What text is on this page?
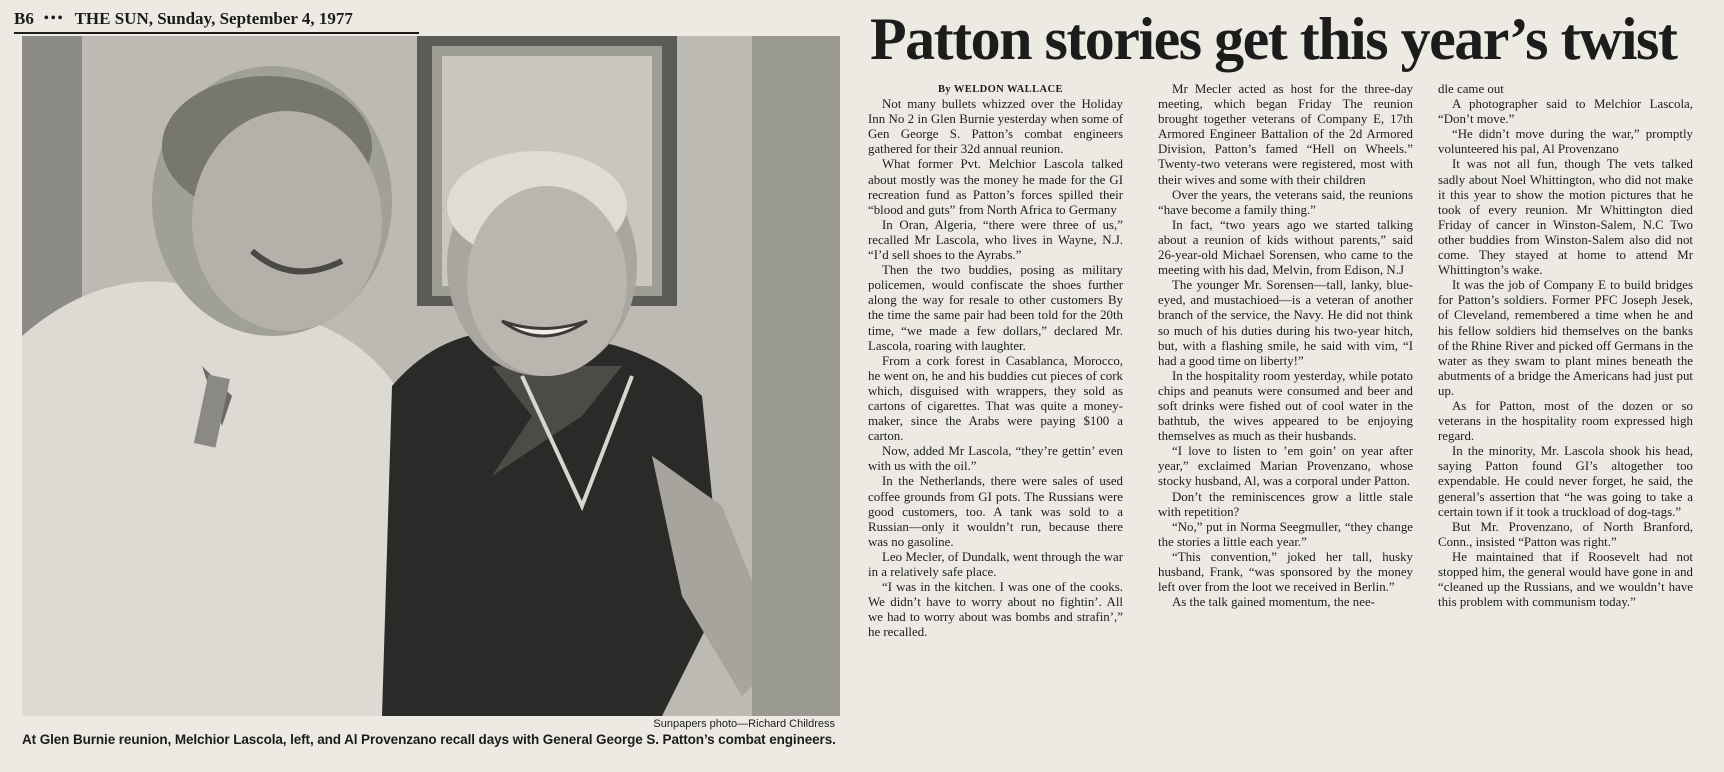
B6 ••• THE SUN, Sunday, September 4, 1977
Sunpapers photo—Richard Childress
At Glen Burnie reunion, Melchior Lascola, left, and Al Provenzano recall days with General George S. Patton’s combat engineers.
Patton stories get this year’s twist

By WELDON WALLACE

Not many bullets whizzed over the Holiday Inn No 2 in Glen Burnie yesterday when some of Gen George S. Patton’s combat engineers gathered for their 32d annual reunion.

What former Pvt. Melchior Lascola talked about mostly was the money he made for the GI recreation fund as Patton’s forces spilled their “blood and guts” from North Africa to Germany

In Oran, Algeria, “there were three of us,” recalled Mr Lascola, who lives in Wayne, N.J. “I’d sell shoes to the Ayrabs.”

Then the two buddies, posing as military policemen, would confiscate the shoes further along the way for resale to other customers By the time the same pair had been told for the 20th time, “we made a few dollars,” declared Mr. Lascola, roaring with laughter.

From a cork forest in Casablanca, Morocco, he went on, he and his buddies cut pieces of cork which, disguised with wrappers, they sold as cartons of cigarettes. That was quite a money-maker, since the Arabs were paying $100 a carton.

Now, added Mr Lascola, “they’re gettin’ even with us with the oil.”

In the Netherlands, there were sales of used coffee grounds from GI pots. The Russians were good customers, too. A tank was sold to a Russian—only it wouldn’t run, because there was no gasoline.

Leo Mecler, of Dundalk, went through the war in a relatively safe place.

“I was in the kitchen. I was one of the cooks. We didn’t have to worry about no fightin’. All we had to worry about was bombs and strafin’,” he recalled.

Mr Mecler acted as host for the three-day meeting, which began Friday The reunion brought together veterans of Company E, 17th Armored Engineer Battalion of the 2d Armored Division, Patton’s famed “Hell on Wheels.” Twenty-two veterans were registered, most with their wives and some with their children

Over the years, the veterans said, the reunions “have become a family thing.”

In fact, “two years ago we started talking about a reunion of kids without parents,” said 26-year-old Michael Sorensen, who came to the meeting with his dad, Melvin, from Edison, N.J

The younger Mr. Sorensen—tall, lanky, blue-eyed, and mustachioed—is a veteran of another branch of the service, the Navy. He did not think so much of his duties during his two-year hitch, but, with a flashing smile, he said with vim, “I had a good time on liberty!”

In the hospitality room yesterday, while potato chips and peanuts were consumed and beer and soft drinks were fished out of cool water in the bathtub, the wives appeared to be enjoying themselves as much as their husbands.

“I love to listen to ’em goin’ on year after year,” exclaimed Marian Provenzano, whose stocky husband, Al, was a corporal under Patton.

Don’t the reminiscences grow a little stale with repetition?

“No,” put in Norma Seegmuller, “they change the stories a little each year.”

“This convention,” joked her tall, husky husband, Frank, “was sponsored by the money left over from the loot we received in Berlin.”

As the talk gained momentum, the nee-

dle came out

A photographer said to Melchior Lascola, “Don’t move.”

“He didn’t move during the war,” promptly volunteered his pal, Al Provenzano

It was not all fun, though The vets talked sadly about Noel Whittington, who did not make it this year to show the motion pictures that he took of every reunion. Mr Whittington died Friday of cancer in Winston-Salem, N.C Two other buddies from Winston-Salem also did not come. They stayed at home to attend Mr Whittington’s wake.

It was the job of Company E to build bridges for Patton’s soldiers. Former PFC Joseph Jesek, of Cleveland, remembered a time when he and his fellow soldiers hid themselves on the banks of the Rhine River and picked off Germans in the water as they swam to plant mines beneath the abutments of a bridge the Americans had just put up.

As for Patton, most of the dozen or so veterans in the hospitality room expressed high regard.

In the minority, Mr. Lascola shook his head, saying Patton found GI’s altogether too expendable. He could never forget, he said, the general’s assertion that “he was going to take a certain town if it took a truckload of dog-tags.”

But Mr. Provenzano, of North Branford, Conn., insisted “Patton was right.”

He maintained that if Roosevelt had not stopped him, the general would have gone in and “cleaned up the Russians, and we wouldn’t have this problem with communism today.”
